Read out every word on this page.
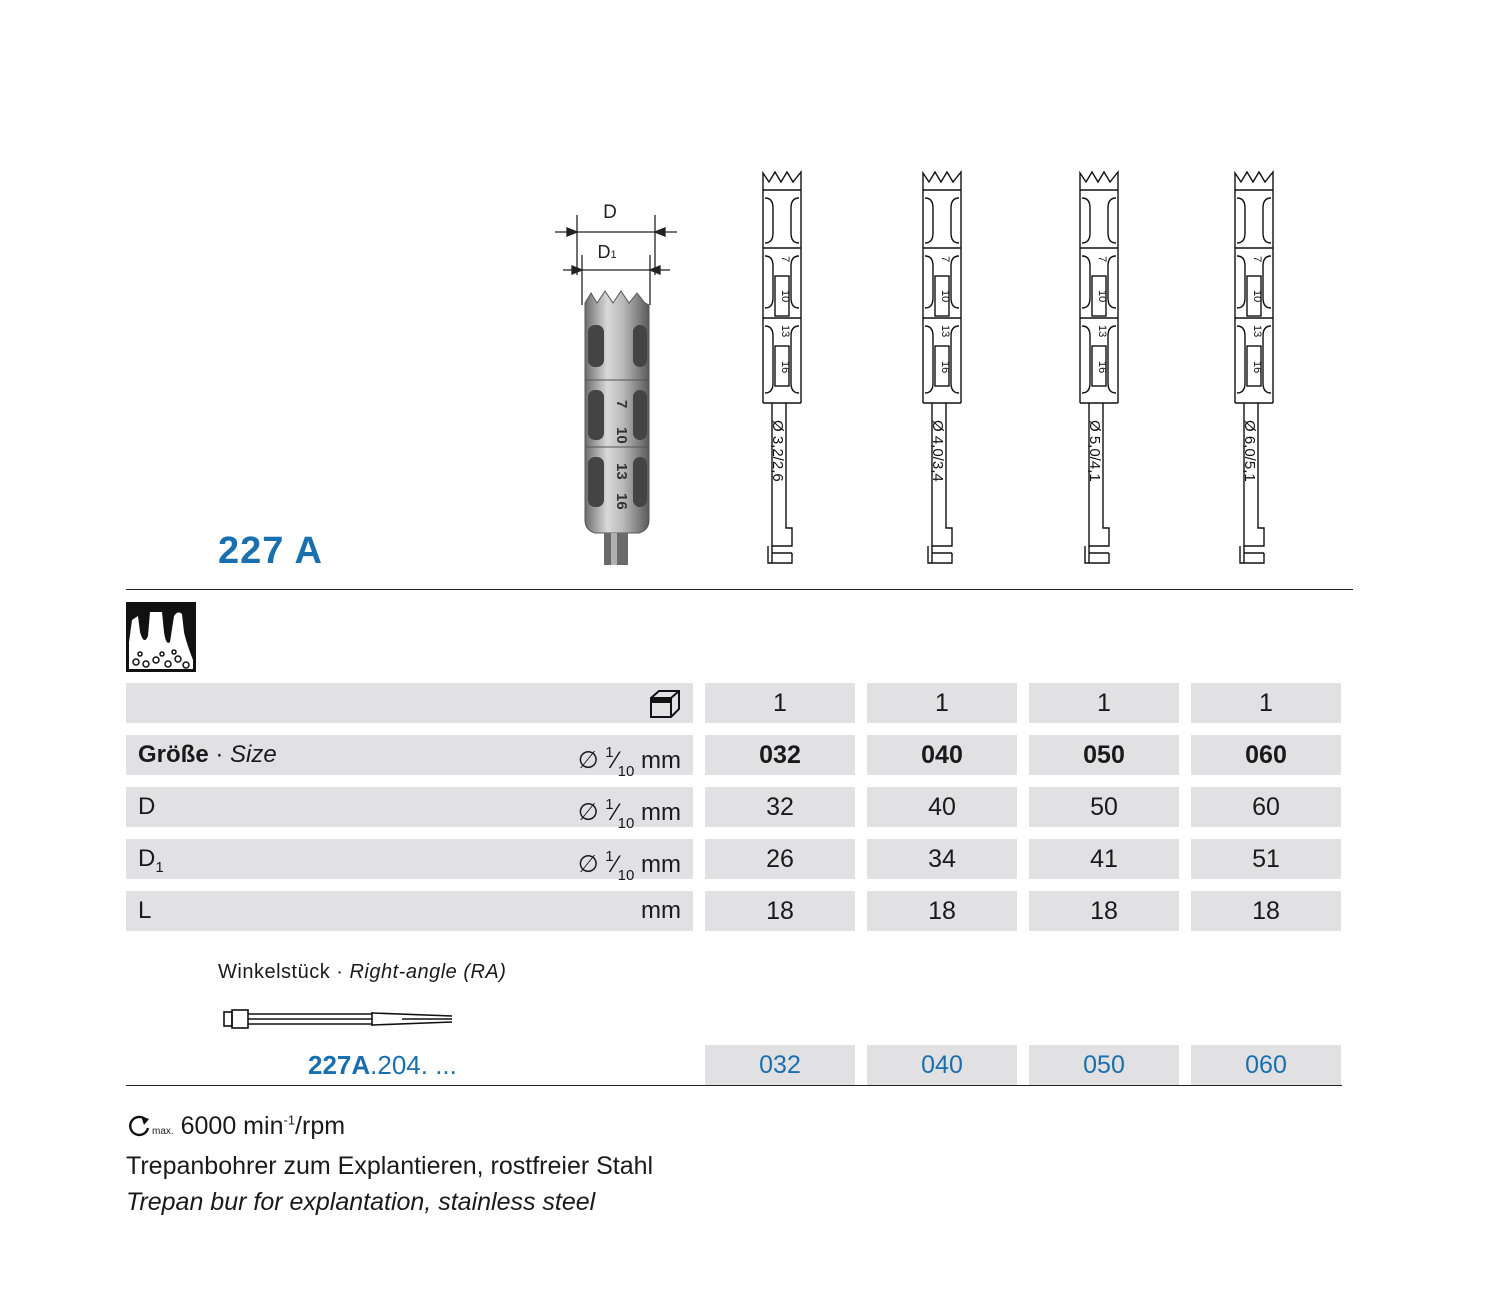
D
D1
7
10
13
16
7
10
13
16
Ø 3,2/2,6
7
10
13
16
Ø 4,0/3,4
7
10
13
16
Ø 5,0/4,1
7
10
13
16
Ø 6,0/5,1
227 A
1	1	1	1
Größe · Size	∅ $^1⁄_{10}$ mm	032	040	050	060
D	∅ $^1⁄_{10}$ mm	32	40	50	60
$D_1$	∅ $^1⁄_{10}$ mm	26	34	41	51
L	mm	18	18	18	18
Winkelstück · Right-angle (RA)
227A.204. ...	032	040	050	060
max. 6000 $\min^{-1}$/rpm
Trepanbohrer zum Explantieren, rostfreier Stahl
Trepan bur for explantation, stainless steel
